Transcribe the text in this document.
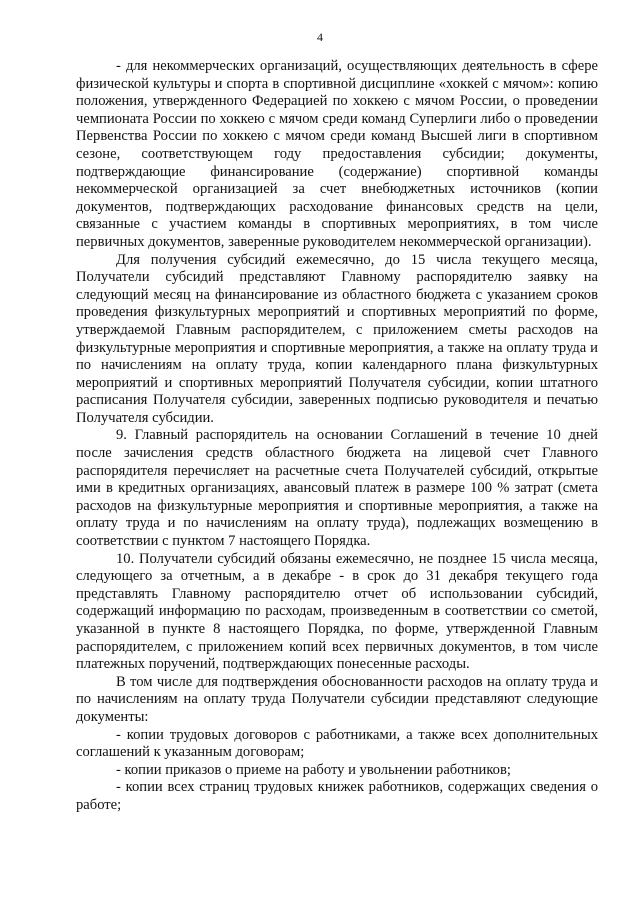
4

- для некоммерческих организаций, осуществляющих деятельность в сфере физической культуры и спорта в спортивной дисциплине «хоккей с мячом»: копию положения, утвержденного Федерацией по хоккею с мячом России, о проведении чемпионата России по хоккею с мячом среди команд Суперлиги либо о проведении Первенства России по хоккею с мячом среди команд Высшей лиги в спортивном сезоне, соответствующем году предоставления субсидии; документы, подтверждающие финансирование (содержание) спортивной команды некоммерческой организацией за счет внебюджетных источников (копии документов, подтверждающих расходование финансовых средств на цели, связанные с участием команды в спортивных мероприятиях, в том числе первичных документов, заверенные руководителем некоммерческой организации).

Для получения субсидий ежемесячно, до 15 числа текущего месяца, Получатели субсидий представляют Главному распорядителю заявку на следующий месяц на финансирование из областного бюджета с указанием сроков проведения физкультурных мероприятий и спортивных мероприятий по форме, утверждаемой Главным распорядителем, с приложением сметы расходов на физкультурные мероприятия и спортивные мероприятия, а также на оплату труда и по начислениям на оплату труда, копии календарного плана физкультурных мероприятий и спортивных мероприятий Получателя субсидии, копии штатного расписания Получателя субсидии, заверенных подписью руководителя и печатью Получателя субсидии.

9. Главный распорядитель на основании Соглашений в течение 10 дней после зачисления средств областного бюджета на лицевой счет Главного распорядителя перечисляет на расчетные счета Получателей субсидий, открытые ими в кредитных организациях, авансовый платеж в размере 100 % затрат (смета расходов на физкультурные мероприятия и спортивные мероприятия, а также на оплату труда и по начислениям на оплату труда), подлежащих возмещению в соответствии с пунктом 7 настоящего Порядка.

10. Получатели субсидий обязаны ежемесячно, не позднее 15 числа месяца, следующего за отчетным, а в декабре - в срок до 31 декабря текущего года представлять Главному распорядителю отчет об использовании субсидий, содержащий информацию по расходам, произведенным в соответствии со сметой, указанной в пункте 8 настоящего Порядка, по форме, утвержденной Главным распорядителем, с приложением копий всех первичных документов, в том числе платежных поручений, подтверждающих понесенные расходы.

В том числе для подтверждения обоснованности расходов на оплату труда и по начислениям на оплату труда Получатели субсидии представляют следующие документы:

- копии трудовых договоров с работниками, а также всех дополнительных соглашений к указанным договорам;

- копии приказов о приеме на работу и увольнении работников;

- копии всех страниц трудовых книжек работников, содержащих сведения о работе;
